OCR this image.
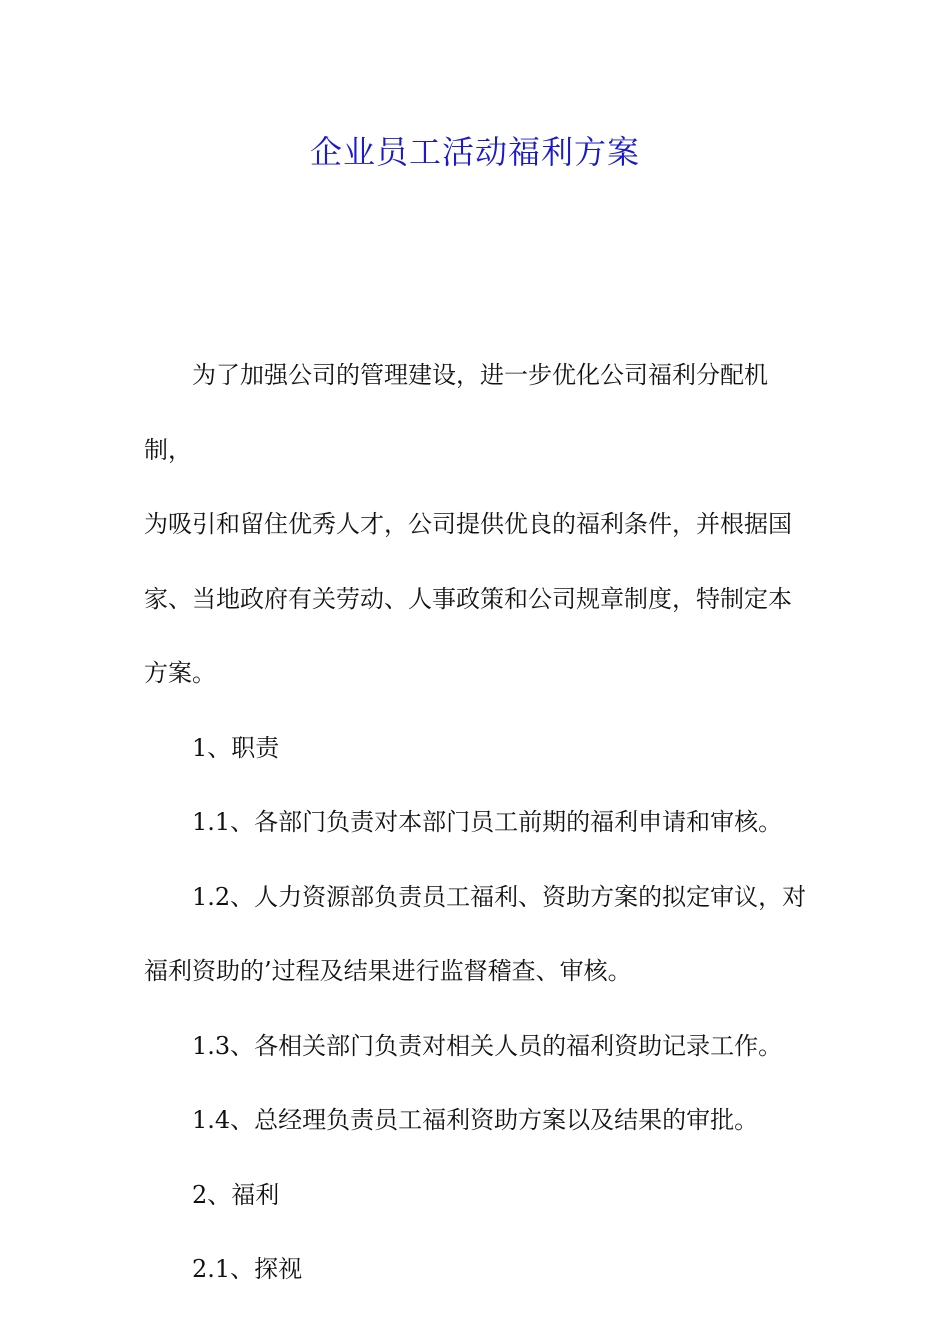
企业员工活动福利方案

为了加强公司的管理建设，进一步优化公司福利分配机制，

为吸引和留住优秀人才，公司提供优良的福利条件，并根据国

家、当地政府有关劳动、人事政策和公司规章制度，特制定本

方案。

1、职责

1.1、各部门负责对本部门员工前期的福利申请和审核。

1.2、人力资源部负责员工福利、资助方案的拟定审议，对

福利资助的’过程及结果进行监督稽查、审核。

1.3、各相关部门负责对相关人员的福利资助记录工作。

1.4、总经理负责员工福利资助方案以及结果的审批。

2、福利

2.1、探视
